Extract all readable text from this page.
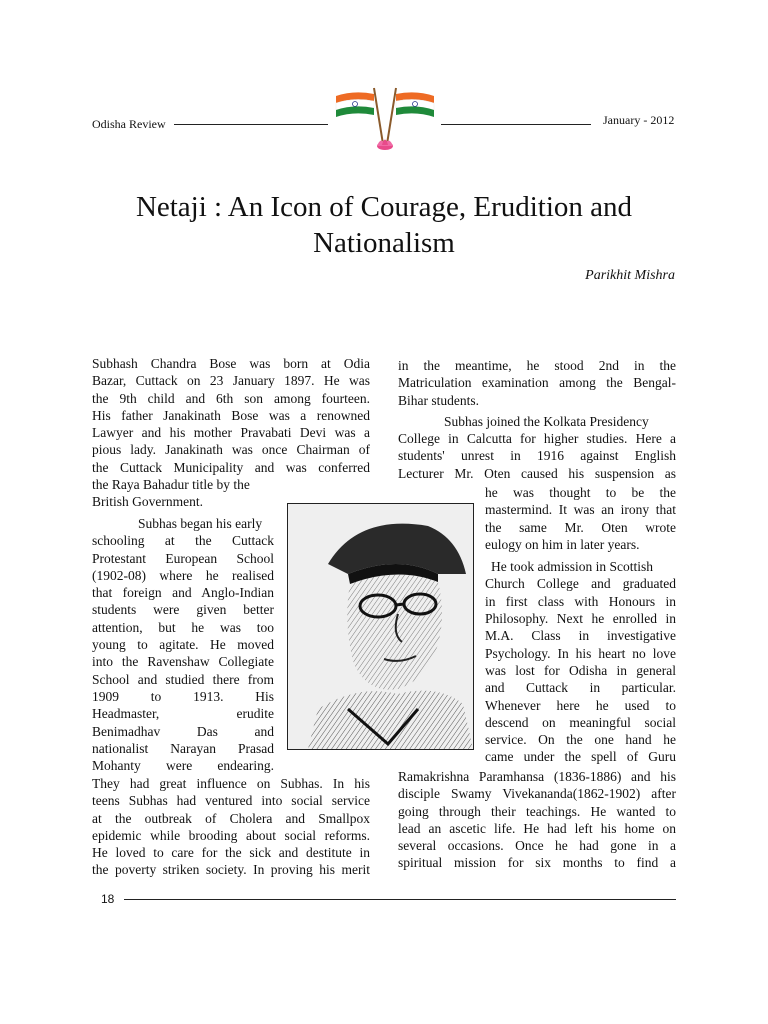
Odisha Review	January - 2012
Netaji : An Icon of Courage, Erudition and
Nationalism
Parikhit Mishra
Subhash Chandra Bose was born at Odia
Bazar, Cuttack on 23 January 1897. He was
the 9th child and 6th son among fourteen.
His father Janakinath Bose was a renowned
Lawyer and his mother Pravabati Devi was a
pious lady. Janakinath was once Chairman of
the Cuttack Municipality and was conferred
the Raya Bahadur title by the
British Government.
Subhas began his early
schooling at the Cuttack
Protestant European School
(1902-08) where he realised
that foreign and Anglo-Indian
students were given better
attention, but he was too
young to agitate. He moved
into the Ravenshaw Collegiate
School and studied there from
1909 to 1913. His
Headmaster, erudite
Benimadhav Das and
nationalist Narayan Prasad
Mohanty were endearing.
They had great influence on Subhas. In his
teens Subhas had ventured into social service
at the outbreak of Cholera and Smallpox
epidemic while brooding about social reforms.
He loved to care for the sick and destitute in
the poverty striken society. In proving his merit
in the meantime, he stood 2nd in the
Matriculation examination among the Bengal-
Bihar students.
Subhas joined the Kolkata Presidency
College in Calcutta for higher studies. Here a
students' unrest in 1916 against English
Lecturer Mr. Oten caused his suspension as
he was thought to be the
mastermind. It was an irony that
the same Mr. Oten wrote
eulogy on him in later years.
He took admission in Scottish
Church College and graduated
in first class with Honours in
Philosophy. Next he enrolled in
M.A. Class in investigative
Psychology. In his heart no love
was lost for Odisha in general
and Cuttack in particular.
Whenever here he used to
descend on meaningful social
service. On the one hand he
came under the spell of Guru
Ramakrishna Paramhansa (1836-1886) and his
disciple Swamy Vivekananda(1862-1902) after
going through their teachings. He wanted to
lead an ascetic life. He had left his home on
several occasions. Once he had gone in a
spiritual mission for six months to find a
18
